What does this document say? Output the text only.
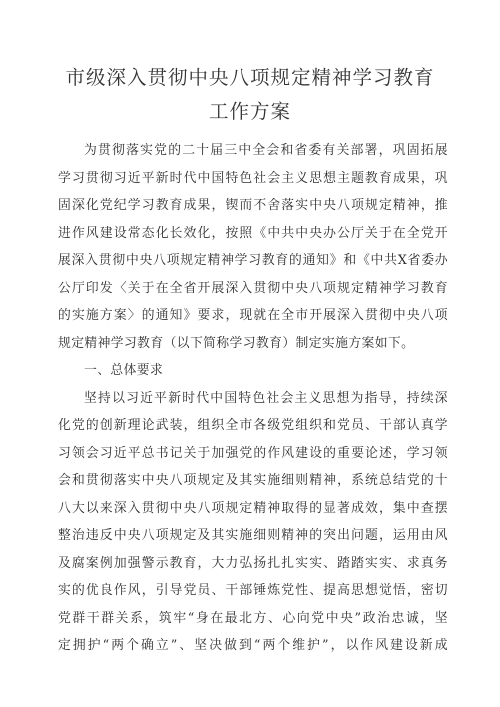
市级深入贯彻中央八项规定精神学习教育
工作方案
为贯彻落实党的二十届三中全会和省委有关部署，巩固拓展
学习贯彻习近平新时代中国特色社会主义思想主题教育成果，巩
固深化党纪学习教育成果，锲而不舍落实中央八项规定精神，推
进作风建设常态化长效化，按照《中共中央办公厅关于在全党开
展深入贯彻中央八项规定精神学习教育的通知》和《中共X省委办
公厅印发〈关于在全省开展深入贯彻中央八项规定精神学习教育
的实施方案〉的通知》要求，现就在全市开展深入贯彻中央八项
规定精神学习教育（以下简称学习教育）制定实施方案如下。
一、总体要求
坚持以习近平新时代中国特色社会主义思想为指导，持续深
化党的创新理论武装，组织全市各级党组织和党员、干部认真学
习领会习近平总书记关于加强党的作风建设的重要论述，学习领
会和贯彻落实中央八项规定及其实施细则精神，系统总结党的十
八大以来深入贯彻中央八项规定精神取得的显著成效，集中查摆
整治违反中央八项规定及其实施细则精神的突出问题，运用由风
及腐案例加强警示教育，大力弘扬扎扎实实、踏踏实实、求真务
实的优良作风，引导党员、干部锤炼党性、提高思想觉悟，密切
党群干群关系，筑牢“身在最北方、心向党中央”政治忠诚，坚
定拥护“两个确立”、坚决做到“两个维护”，以作风建设新成
